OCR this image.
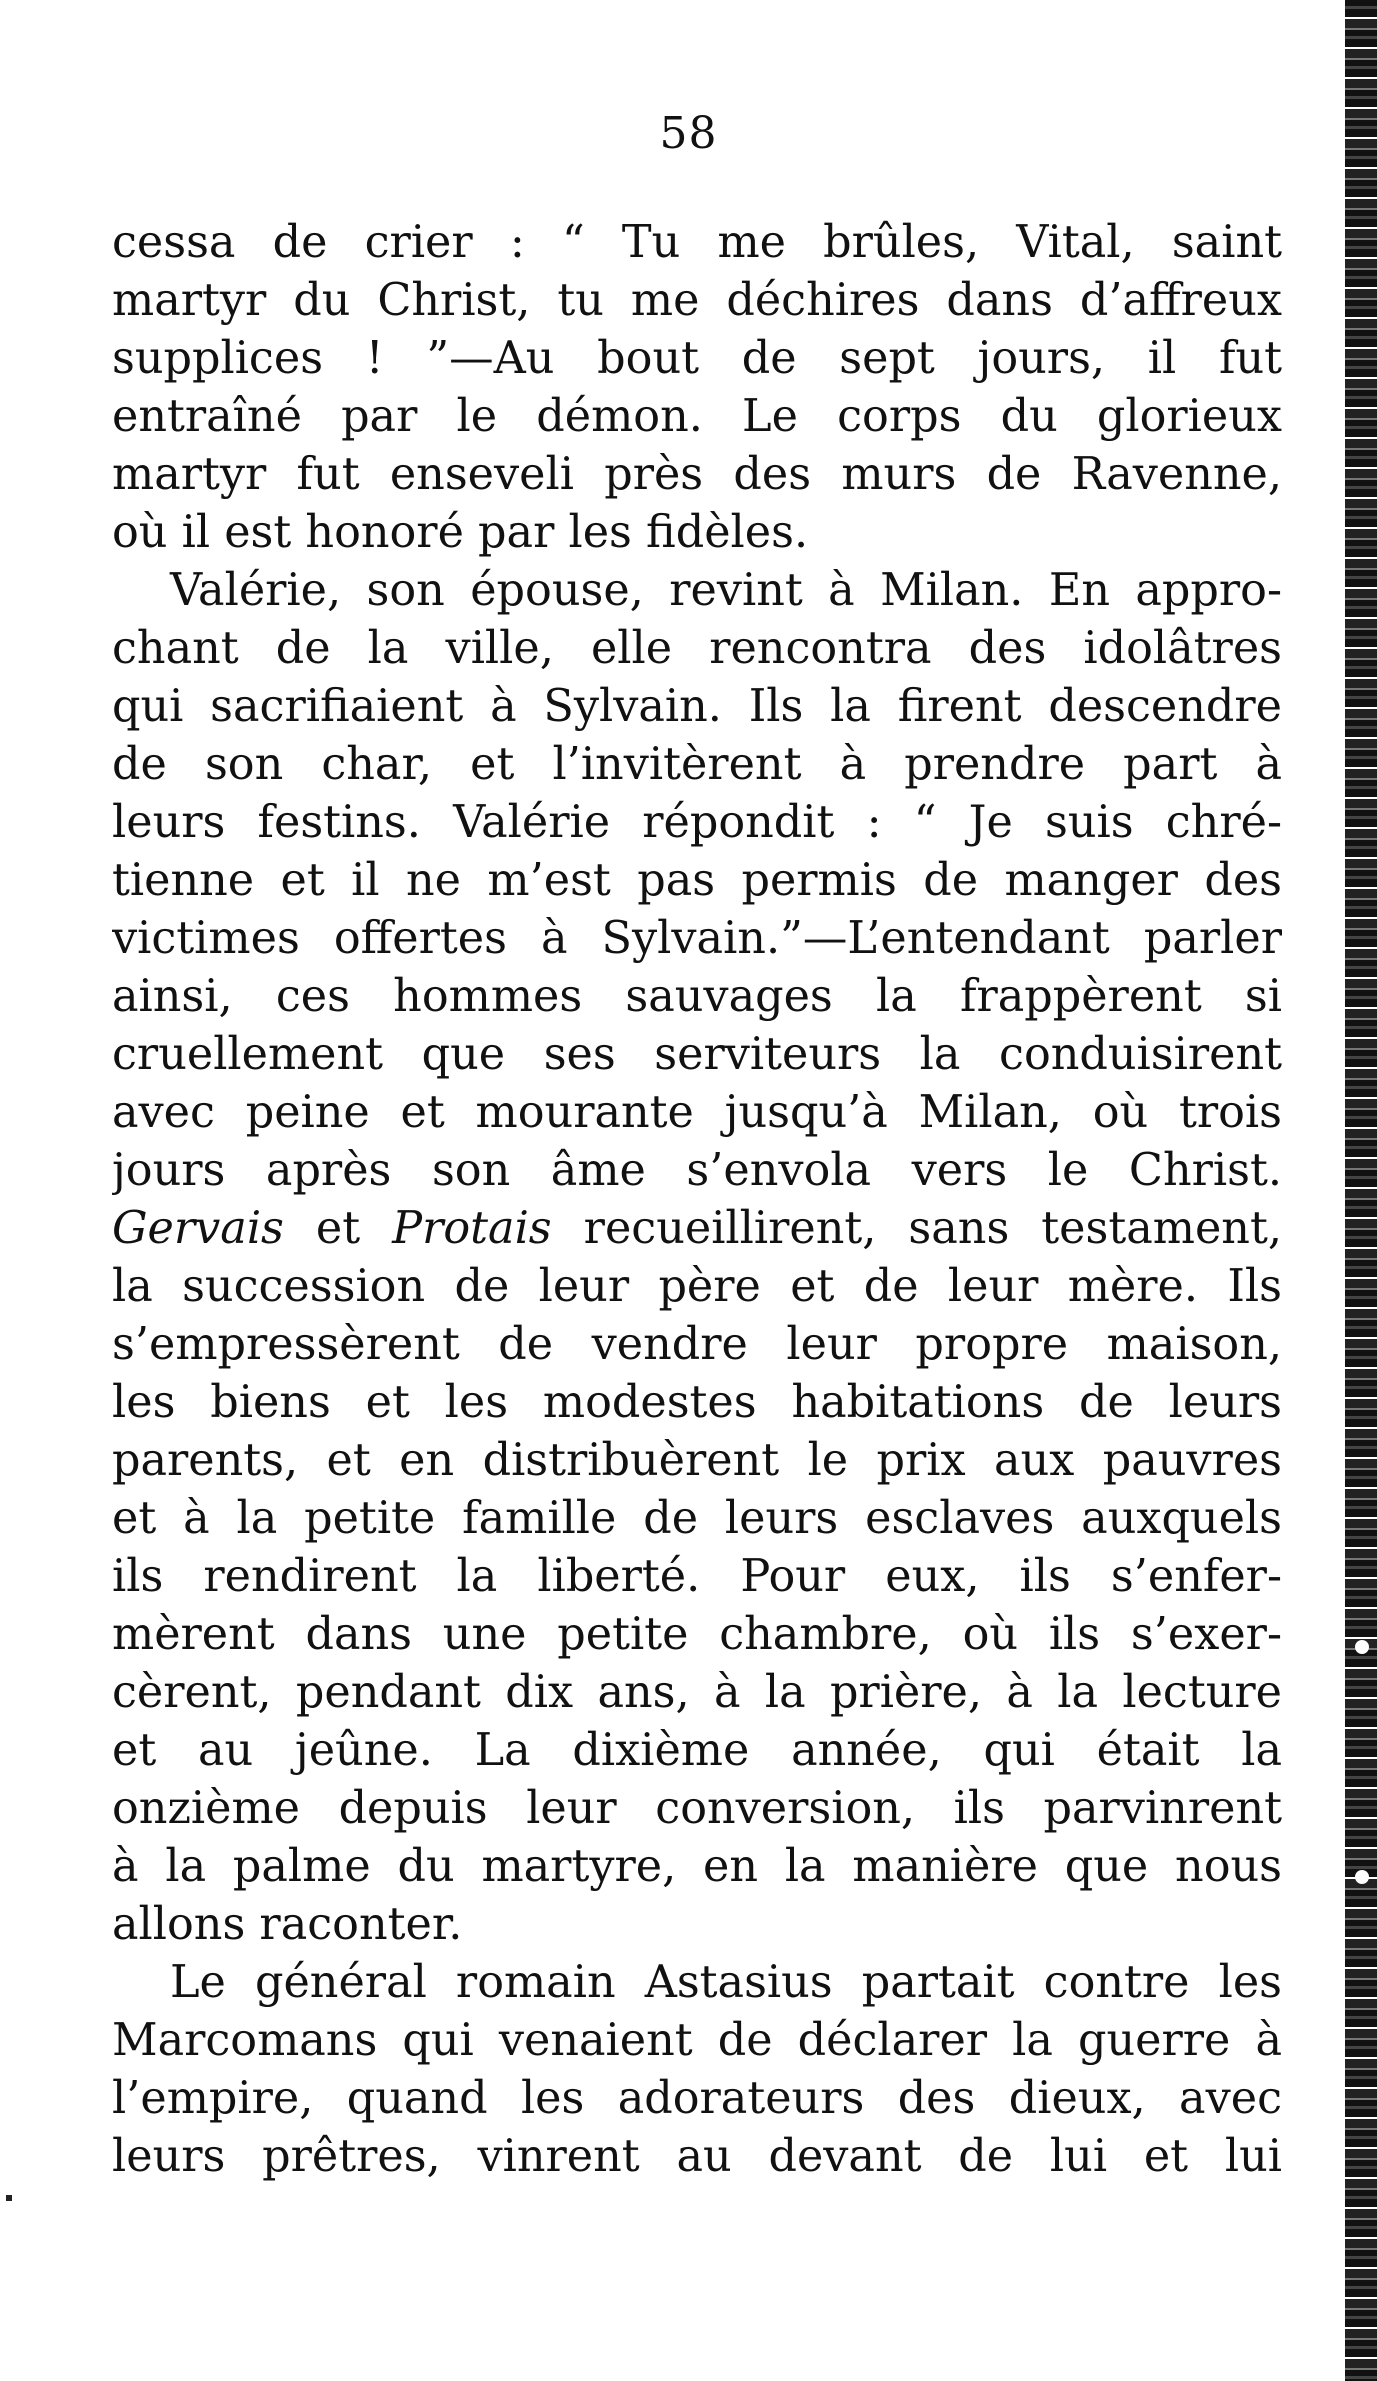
58
cessa de crier : “ Tu me brûles, Vital, saint
martyr du Christ, tu me déchires dans d’affreux
supplices ! ”—Au bout de sept jours, il fut
entraîné par le démon. Le corps du glorieux
martyr fut enseveli près des murs de Ravenne,
où il est honoré par les fidèles.
Valérie, son épouse, revint à Milan. En appro-
chant de la ville, elle rencontra des idolâtres
qui sacrifiaient à Sylvain. Ils la firent descendre
de son char, et l’invitèrent à prendre part à
leurs festins. Valérie répondit : “ Je suis chré-
tienne et il ne m’est pas permis de manger des
victimes offertes à Sylvain.”—L’entendant parler
ainsi, ces hommes sauvages la frappèrent si
cruellement que ses serviteurs la conduisirent
avec peine et mourante jusqu’à Milan, où trois
jours après son âme s’envola vers le Christ.
Gervais et Protais recueillirent, sans testament,
la succession de leur père et de leur mère. Ils
s’empressèrent de vendre leur propre maison,
les biens et les modestes habitations de leurs
parents, et en distribuèrent le prix aux pauvres
et à la petite famille de leurs esclaves auxquels
ils rendirent la liberté. Pour eux, ils s’enfer-
mèrent dans une petite chambre, où ils s’exer-
cèrent, pendant dix ans, à la prière, à la lecture
et au jeûne. La dixième année, qui était la
onzième depuis leur conversion, ils parvinrent
à la palme du martyre, en la manière que nous
allons raconter.
Le général romain Astasius partait contre les
Marcomans qui venaient de déclarer la guerre à
l’empire, quand les adorateurs des dieux, avec
leurs prêtres, vinrent au devant de lui et lui
